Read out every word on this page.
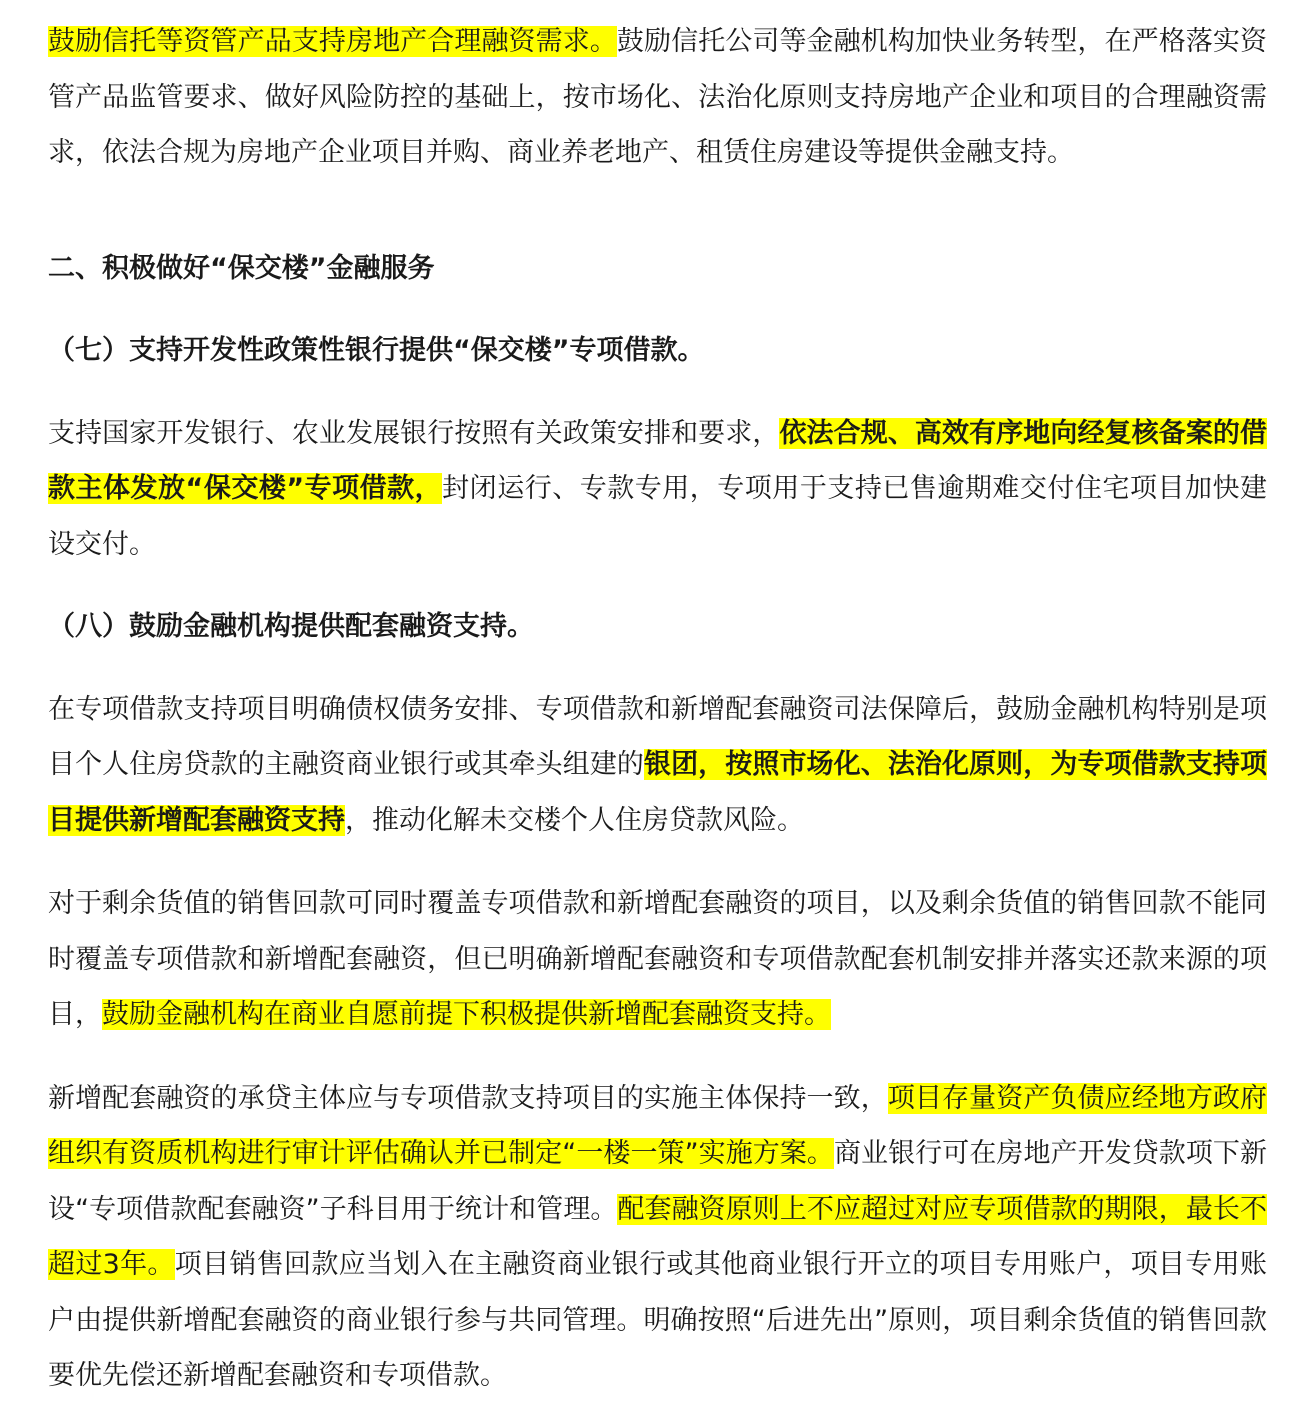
鼓励信托等资管产品支持房地产合理融资需求。鼓励信托公司等金融机构加快业务转型，在严格落实资管产品监管要求、做好风险防控的基础上，按市场化、法治化原则支持房地产企业和项目的合理融资需求，依法合规为房地产企业项目并购、商业养老地产、租赁住房建设等提供金融支持。

二、积极做好“保交楼”金融服务

（七）支持开发性政策性银行提供“保交楼”专项借款。

支持国家开发银行、农业发展银行按照有关政策安排和要求，依法合规、高效有序地向经复核备案的借款主体发放“保交楼”专项借款，封闭运行、专款专用，专项用于支持已售逾期难交付住宅项目加快建设交付。

（八）鼓励金融机构提供配套融资支持。

在专项借款支持项目明确债权债务安排、专项借款和新增配套融资司法保障后，鼓励金融机构特别是项目个人住房贷款的主融资商业银行或其牵头组建的银团，按照市场化、法治化原则，为专项借款支持项目提供新增配套融资支持，推动化解未交楼个人住房贷款风险。

对于剩余货值的销售回款可同时覆盖专项借款和新增配套融资的项目，以及剩余货值的销售回款不能同时覆盖专项借款和新增配套融资，但已明确新增配套融资和专项借款配套机制安排并落实还款来源的项目，鼓励金融机构在商业自愿前提下积极提供新增配套融资支持。

新增配套融资的承贷主体应与专项借款支持项目的实施主体保持一致，项目存量资产负债应经地方政府组织有资质机构进行审计评估确认并已制定“一楼一策”实施方案。商业银行可在房地产开发贷款项下新设“专项借款配套融资”子科目用于统计和管理。配套融资原则上不应超过对应专项借款的期限，最长不超过3年。项目销售回款应当划入在主融资商业银行或其他商业银行开立的项目专用账户，项目专用账户由提供新增配套融资的商业银行参与共同管理。明确按照“后进先出”原则，项目剩余货值的销售回款要优先偿还新增配套融资和专项借款。
